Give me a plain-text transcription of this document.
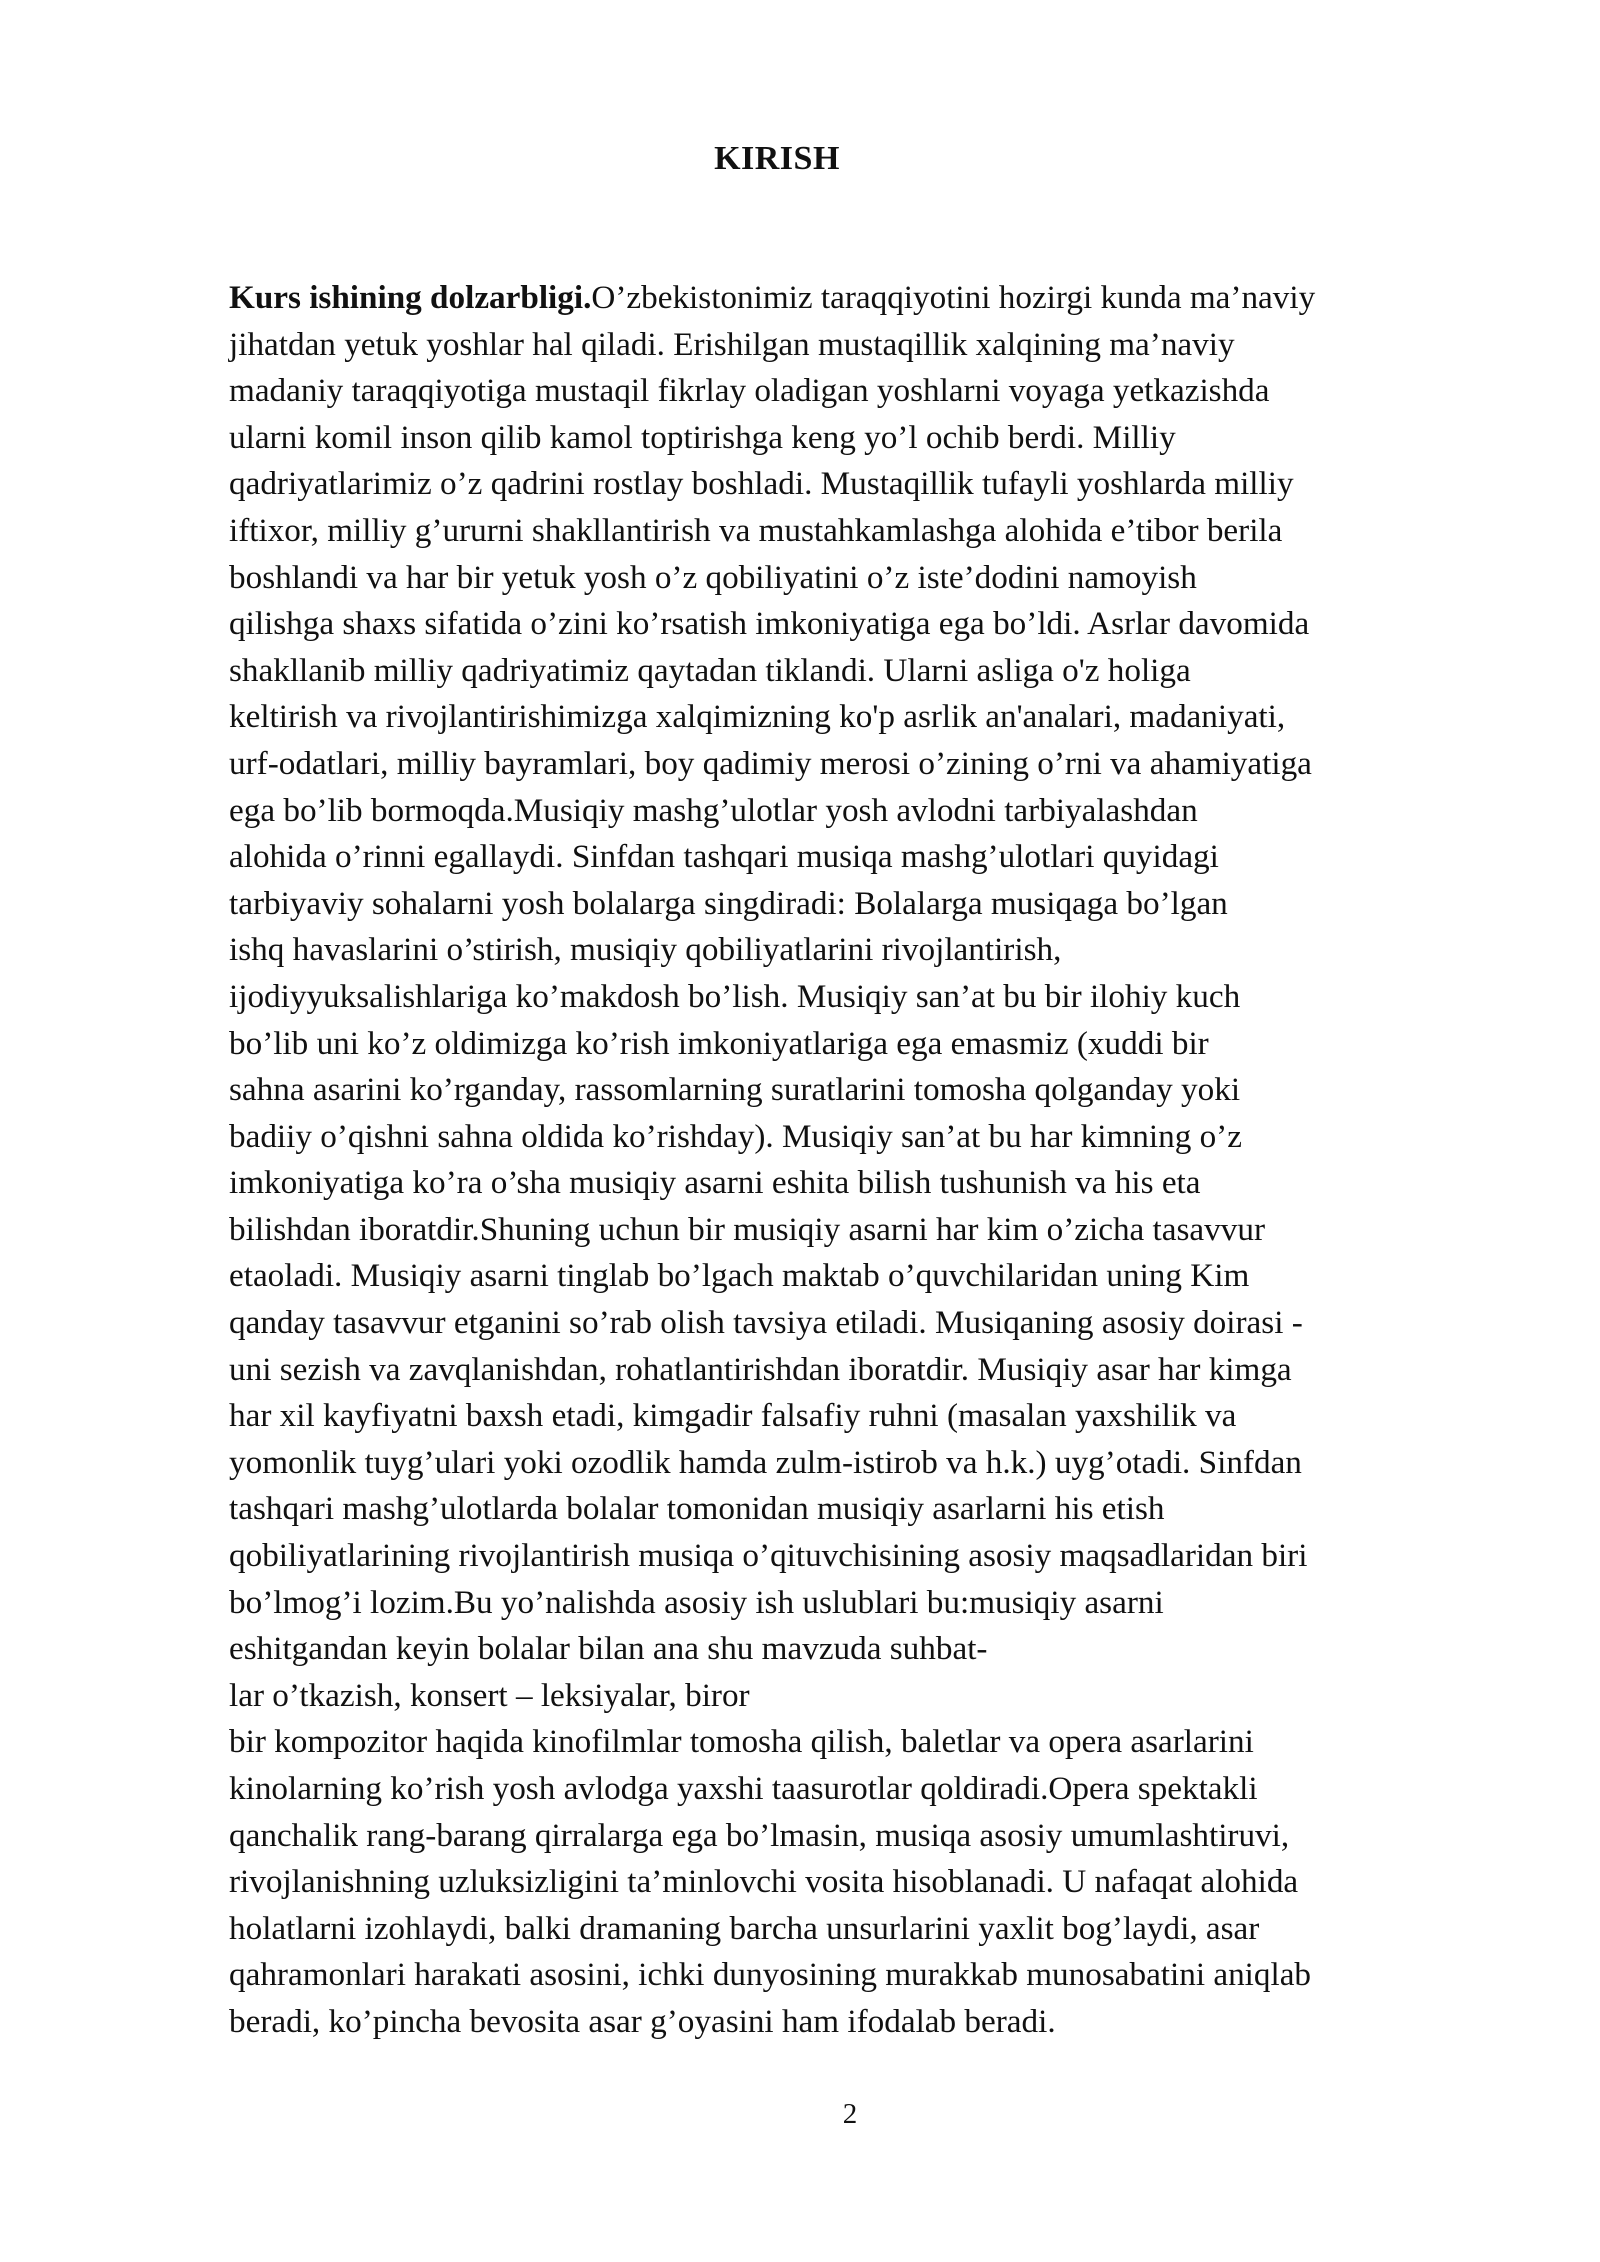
KIRISH
Kurs ishining dolzarbligi.O’zbekistonimiz taraqqiyotini hozirgi kunda ma’naviy
jihatdan yetuk yoshlar hal qiladi. Erishilgan mustaqillik xalqining ma’naviy
madaniy taraqqiyotiga mustaqil fikrlay oladigan yoshlarni voyaga yetkazishda
ularni komil inson qilib kamol toptirishga keng yo’l ochib berdi. Milliy
qadriyatlarimiz o’z qadrini rostlay boshladi. Mustaqillik tufayli yoshlarda milliy
iftixor, milliy g’ururni shakllantirish va mustahkamlashga alohida e’tibor berila
boshlandi va har bir yetuk yosh o’z qobiliyatini o’z iste’dodini namoyish
qilishga shaxs sifatida o’zini ko’rsatish imkoniyatiga ega bo’ldi. Asrlar davomida
shakllanib milliy qadriyatimiz qaytadan tiklandi. Ularni asliga o'z holiga
keltirish va rivojlantirishimizga xalqimizning ko'p asrlik an'analari, madaniyati,
urf-odatlari, milliy bayramlari, boy qadimiy merosi o’zining o’rni va ahamiyatiga
ega bo’lib bormoqda.Musiqiy mashg’ulotlar yosh avlodni tarbiyalashdan
alohida o’rinni egallaydi. Sinfdan tashqari musiqa mashg’ulotlari quyidagi
tarbiyaviy sohalarni yosh bolalarga singdiradi: Bolalarga musiqaga bo’lgan
ishq havaslarini o’stirish, musiqiy qobiliyatlarini rivojlantirish,
ijodiyyuksalishlariga ko’makdosh bo’lish. Musiqiy san’at bu bir ilohiy kuch
bo’lib uni ko’z oldimizga ko’rish imkoniyatlariga ega emasmiz (xuddi bir
sahna asarini ko’rganday, rassomlarning suratlarini tomosha qolganday yoki
badiiy o’qishni sahna oldida ko’rishday). Musiqiy san’at bu har kimning o’z
imkoniyatiga ko’ra o’sha musiqiy asarni eshita bilish tushunish va his eta
bilishdan iboratdir.Shuning uchun bir musiqiy asarni har kim o’zicha tasavvur
etaoladi. Musiqiy asarni tinglab bo’lgach maktab o’quvchilaridan uning Kim
qanday tasavvur etganini so’rab olish tavsiya etiladi. Musiqaning asosiy doirasi -
uni sezish va zavqlanishdan, rohatlantirishdan iboratdir. Musiqiy asar har kimga
har xil kayfiyatni baxsh etadi, kimgadir falsafiy ruhni (masalan yaxshilik va
yomonlik tuyg’ulari yoki ozodlik hamda zulm-istirob va h.k.) uyg’otadi. Sinfdan
tashqari mashg’ulotlarda bolalar tomonidan musiqiy asarlarni his etish
qobiliyatlarining rivojlantirish musiqa o’qituvchisining asosiy maqsadlaridan biri
bo’lmog’i lozim.Bu yo’nalishda asosiy ish uslublari bu:musiqiy asarni
eshitgandan keyin bolalar bilan ana shu mavzuda suhbat-
lar o’tkazish, konsert – leksiyalar, biror
bir kompozitor haqida kinofilmlar tomosha qilish, baletlar va opera asarlarini
kinolarning ko’rish yosh avlodga yaxshi taasurotlar qoldiradi.Opera spektakli
qanchalik rang-barang qirralarga ega bo’lmasin, musiqa asosiy umumlashtiruvi,
rivojlanishning uzluksizligini ta’minlovchi vosita hisoblanadi. U nafaqat alohida
holatlarni izohlaydi, balki dramaning barcha unsurlarini yaxlit bog’laydi, asar
qahramonlari harakati asosini, ichki dunyosining murakkab munosabatini aniqlab
beradi, ko’pincha bevosita asar g’oyasini ham ifodalab beradi.
2
